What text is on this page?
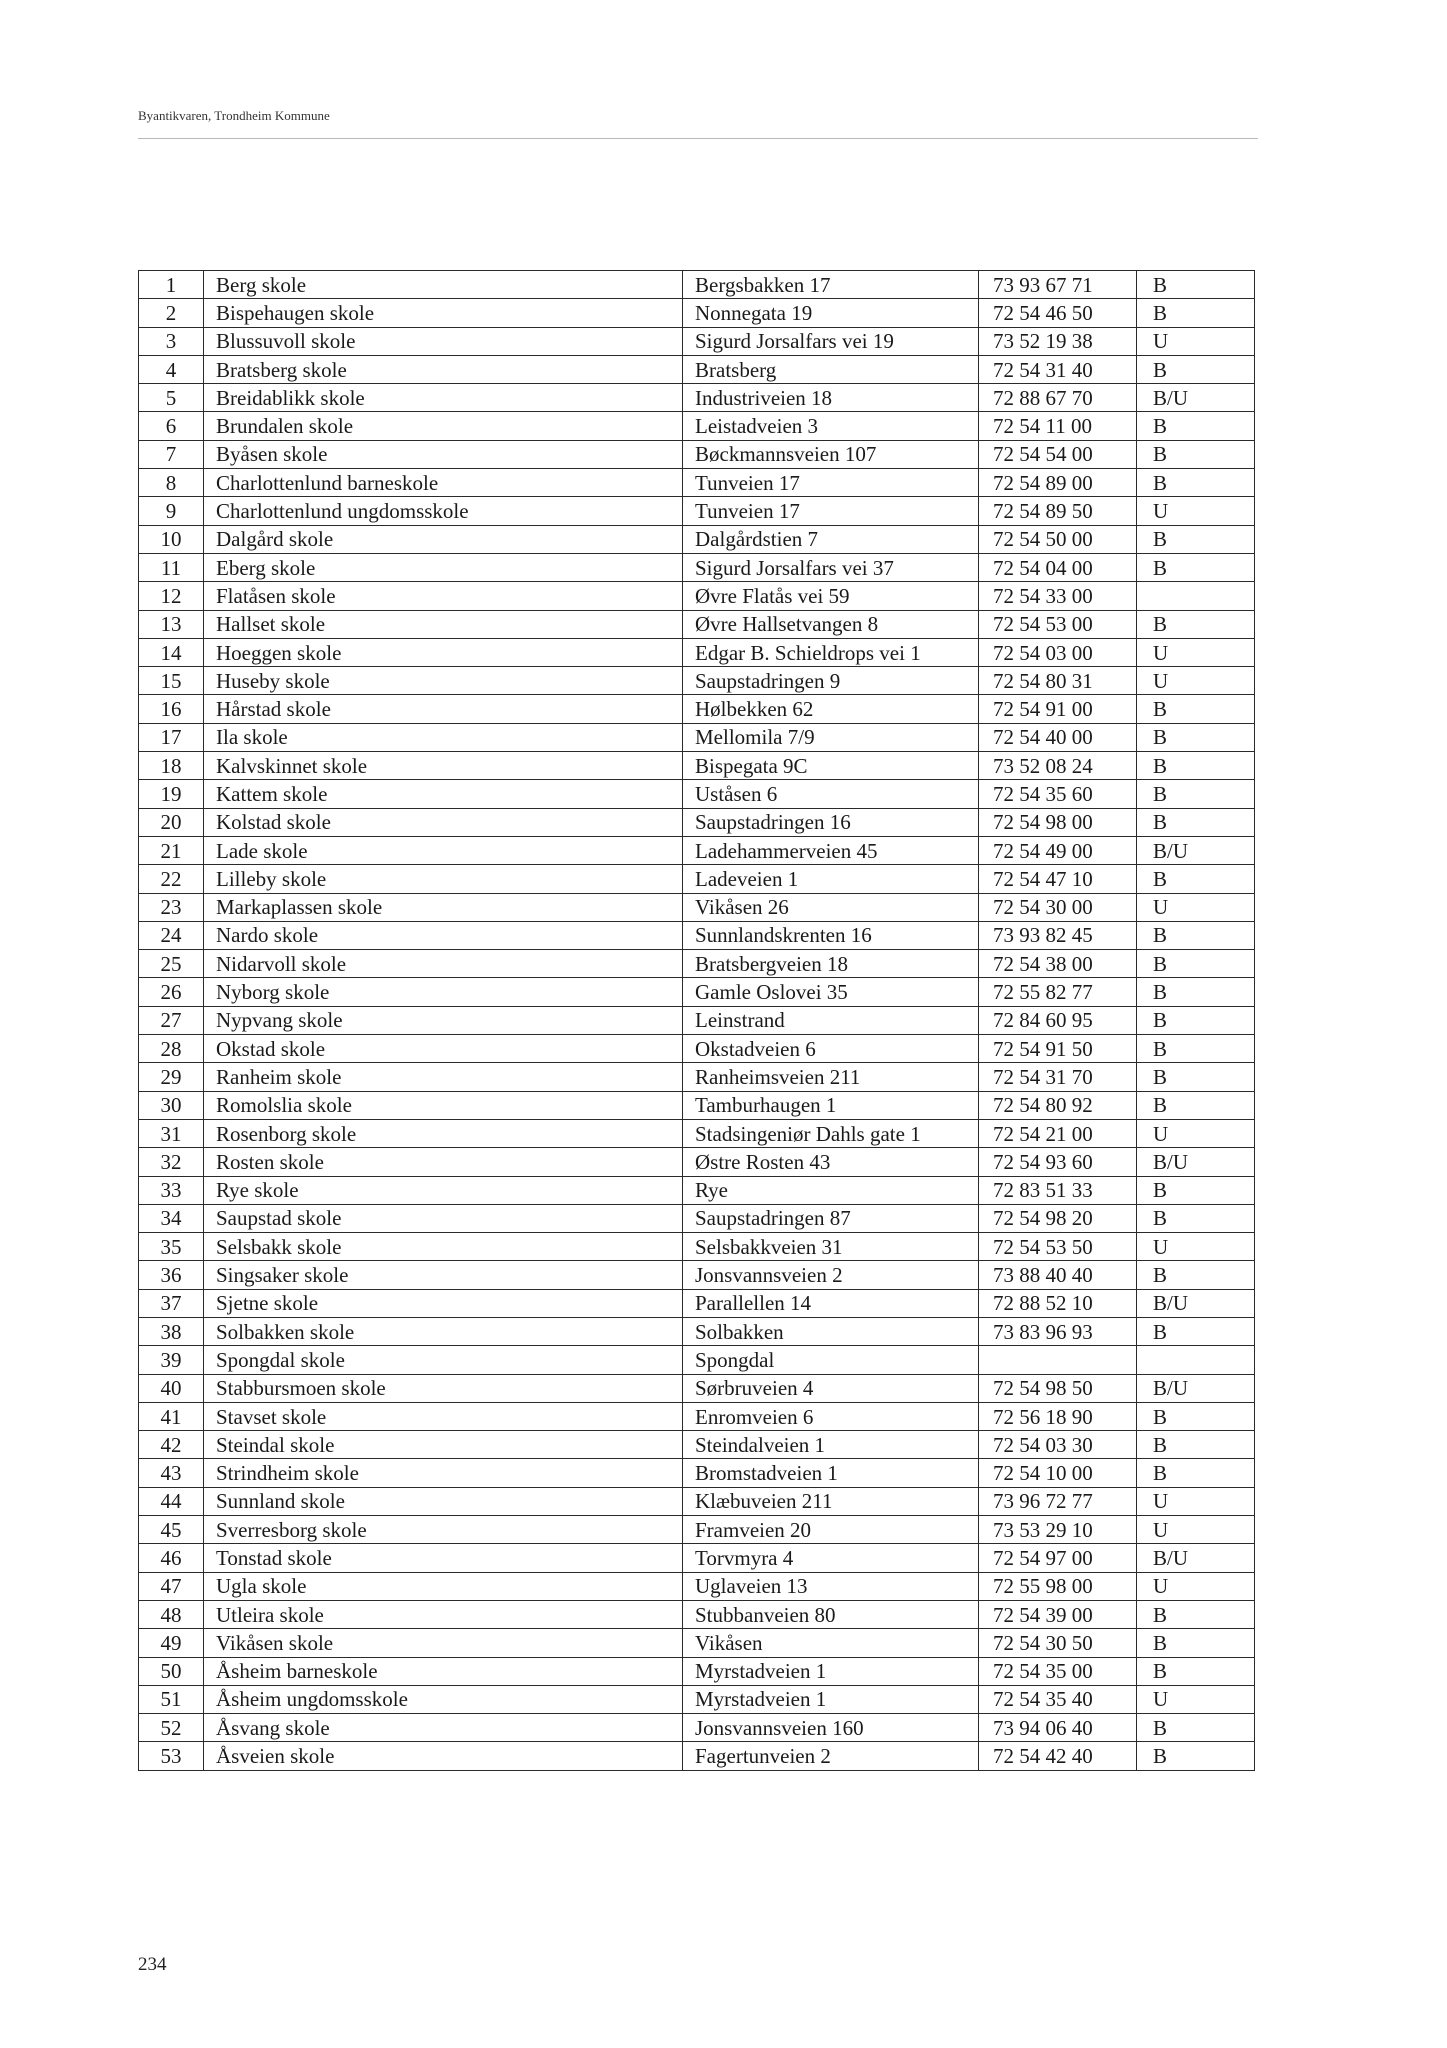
Byantikvaren, Trondheim Kommune
1	Berg skole	Bergsbakken 17	73 93 67 71	B
2	Bispehaugen skole	Nonnegata 19	72 54 46 50	B
3	Blussuvoll skole	Sigurd Jorsalfars vei 19	73 52 19 38	U
4	Bratsberg skole	Bratsberg	72 54 31 40	B
5	Breidablikk skole	Industriveien 18	72 88 67 70	B/U
6	Brundalen skole	Leistadveien 3	72 54 11 00	B
7	Byåsen skole	Bøckmannsveien 107	72 54 54 00	B
8	Charlottenlund barneskole	Tunveien 17	72 54 89 00	B
9	Charlottenlund ungdomsskole	Tunveien 17	72 54 89 50	U
10	Dalgård skole	Dalgårdstien 7	72 54 50 00	B
11	Eberg skole	Sigurd Jorsalfars vei 37	72 54 04 00	B
12	Flatåsen skole	Øvre Flatås vei 59	72 54 33 00	
13	Hallset skole	Øvre Hallsetvangen 8	72 54 53 00	B
14	Hoeggen skole	Edgar B. Schieldrops vei 1	72 54 03 00	U
15	Huseby skole	Saupstadringen 9	72 54 80 31	U
16	Hårstad skole	Hølbekken 62	72 54 91 00	B
17	Ila skole	Mellomila 7/9	72 54 40 00	B
18	Kalvskinnet skole	Bispegata 9C	73 52 08 24	B
19	Kattem skole	Uståsen 6	72 54 35 60	B
20	Kolstad skole	Saupstadringen 16	72 54 98 00	B
21	Lade skole	Ladehammerveien 45	72 54 49 00	B/U
22	Lilleby skole	Ladeveien 1	72 54 47 10	B
23	Markaplassen skole	Vikåsen 26	72 54 30 00	U
24	Nardo skole	Sunnlandskrenten 16	73 93 82 45	B
25	Nidarvoll skole	Bratsbergveien 18	72 54 38 00	B
26	Nyborg skole	Gamle Oslovei 35	72 55 82 77	B
27	Nypvang skole	Leinstrand	72 84 60 95	B
28	Okstad skole	Okstadveien 6	72 54 91 50	B
29	Ranheim skole	Ranheimsveien 211	72 54 31 70	B
30	Romolslia skole	Tamburhaugen 1	72 54 80 92	B
31	Rosenborg skole	Stadsingeniør Dahls gate 1	72 54 21 00	U
32	Rosten skole	Østre Rosten 43	72 54 93 60	B/U
33	Rye skole	Rye	72 83 51 33	B
34	Saupstad skole	Saupstadringen 87	72 54 98 20	B
35	Selsbakk skole	Selsbakkveien 31	72 54 53 50	U
36	Singsaker skole	Jonsvannsveien 2	73 88 40 40	B
37	Sjetne skole	Parallellen 14	72 88 52 10	B/U
38	Solbakken skole	Solbakken	73 83 96 93	B
39	Spongdal skole	Spongdal		
40	Stabbursmoen skole	Sørbruveien 4	72 54 98 50	B/U
41	Stavset skole	Enromveien 6	72 56 18 90	B
42	Steindal skole	Steindalveien 1	72 54 03 30	B
43	Strindheim skole	Bromstadveien 1	72 54 10 00	B
44	Sunnland skole	Klæbuveien 211	73 96 72 77	U
45	Sverresborg skole	Framveien 20	73 53 29 10	U
46	Tonstad skole	Torvmyra 4	72 54 97 00	B/U
47	Ugla skole	Uglaveien 13	72 55 98 00	U
48	Utleira skole	Stubbanveien 80	72 54 39 00	B
49	Vikåsen skole	Vikåsen	72 54 30 50	B
50	Åsheim barneskole	Myrstadveien 1	72 54 35 00	B
51	Åsheim ungdomsskole	Myrstadveien 1	72 54 35 40	U
52	Åsvang skole	Jonsvannsveien 160	73 94 06 40	B
53	Åsveien skole	Fagertunveien 2	72 54 42 40	B
234
